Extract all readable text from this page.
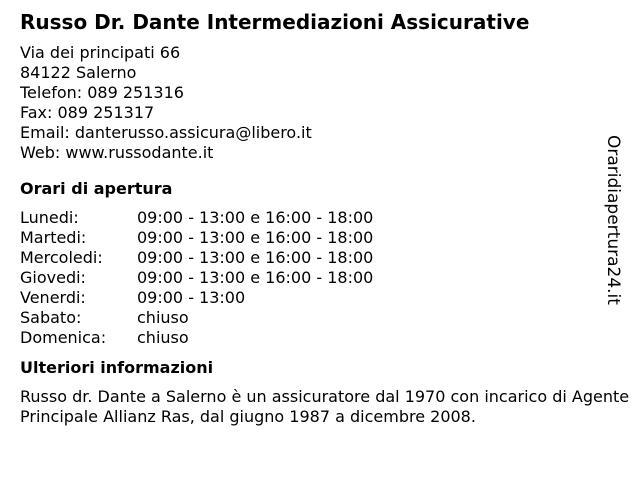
Russo Dr. Dante Intermediazioni Assicurative
Via dei principati 66
84122 Salerno
Telefon: 089 251316
Fax: 089 251317
Email: danterusso.assicura@libero.it
Web: www.russodante.it
Orari di apertura
Lunedi:	09:00 - 13:00 e 16:00 - 18:00
Martedi:	09:00 - 13:00 e 16:00 - 18:00
Mercoledi:	09:00 - 13:00 e 16:00 - 18:00
Giovedi:	09:00 - 13:00 e 16:00 - 18:00
Venerdi:	09:00 - 13:00
Sabato:	chiuso
Domenica:	chiuso
Ulteriori informazioni
Russo dr. Dante a Salerno è un assicuratore dal 1970 con incarico di Agente Principale Allianz Ras, dal giugno 1987 a dicembre 2008.
Oraridiapertura24.it
